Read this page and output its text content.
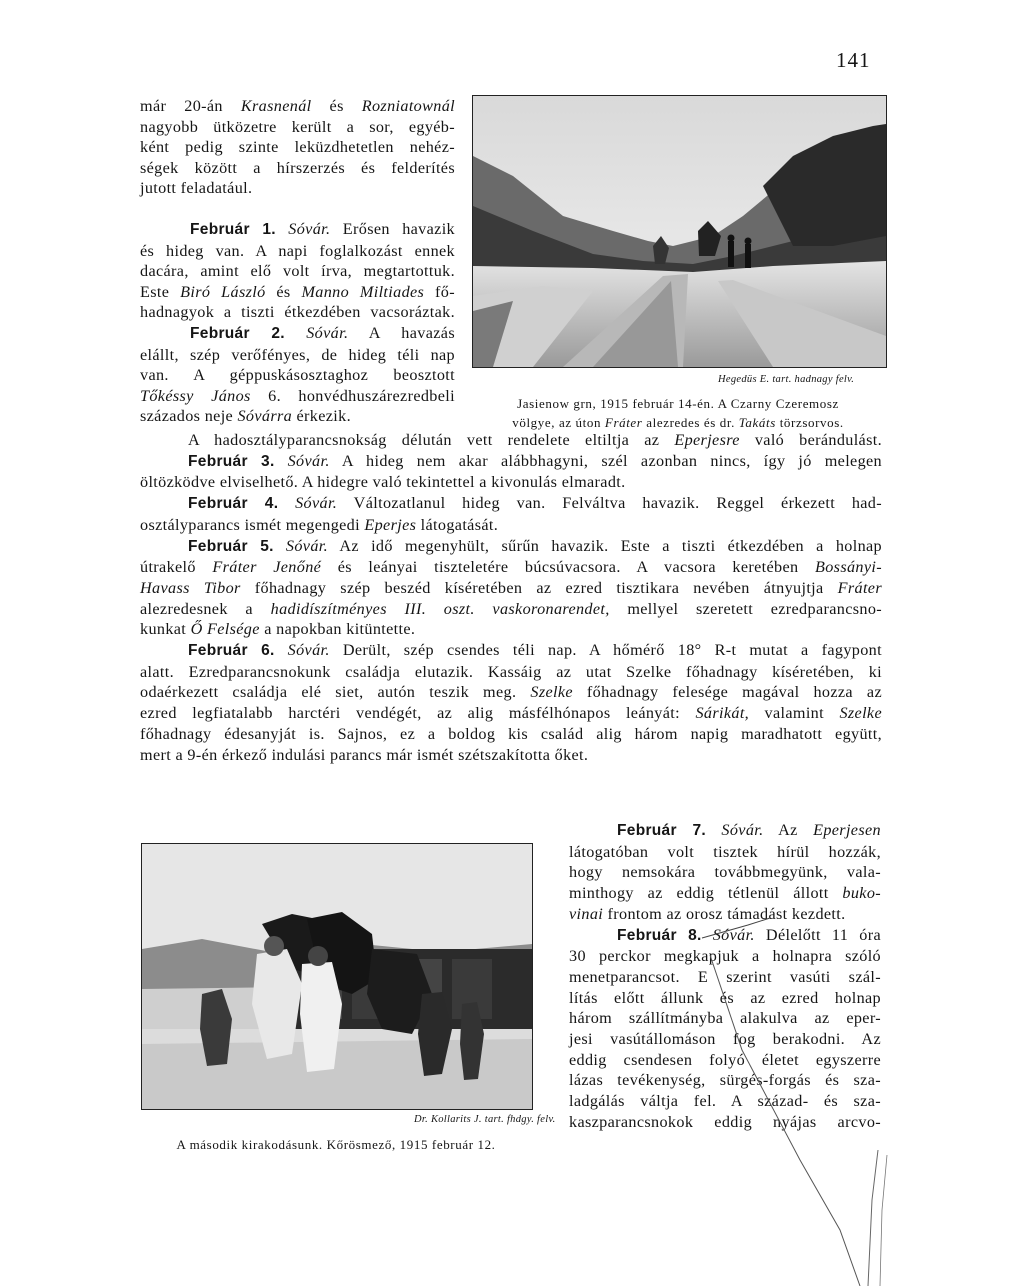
141

már 20-án Krasnenál és Rozniatownál

nagyobb ütközetre került a sor, egyéb-

ként pedig szinte leküzdhetetlen nehéz-

ségek között a hírszerzés és felderítés

jutott feladatául.

Február 1. Sóvár. Erősen havazik

és hideg van. A napi foglalkozást ennek

dacára, amint elő volt írva, megtartottuk.

Este Biró László és Manno Miltiades fő-

hadnagyok a tiszti étkezdében vacsoráztak.

Február 2. Sóvár. A havazás

elállt, szép verőfényes, de hideg téli nap

van. A géppuskásosztaghoz beosztott

Tőkéssy János 6. honvédhuszárezredbeli

százados neje Sóvárra érkezik.

Hegedüs E. tart. hadnagy felv.
Jasienow grn, 1915 február 14-én. A Czarny Czeremosz
völgye, az úton Fráter alezredes és dr. Takáts törzsorvos.

A hadosztályparancsnokság délután vett rendelete eltiltja az Eperjesre való berándulást.

Február 3. Sóvár. A hideg nem akar alábbhagyni, szél azonban nincs, így jó melegen

öltözködve elviselhető. A hidegre való tekintettel a kivonulás elmaradt.

Február 4. Sóvár. Változatlanul hideg van. Felváltva havazik. Reggel érkezett had-

osztályparancs ismét megengedi Eperjes látogatását.

Február 5. Sóvár. Az idő megenyhült, sűrűn havazik. Este a tiszti étkezdében a holnap

útrakelő Fráter Jenőné és leányai tiszteletére búcsúvacsora. A vacsora keretében Bossányi-

Havass Tibor főhadnagy szép beszéd kíséretében az ezred tisztikara nevében átnyujtja Fráter

alezredesnek a hadidíszítményes III. oszt. vaskoronarendet, mellyel szeretett ezredparancsno-

kunkat Ő Felsége a napokban kitüntette.

Február 6. Sóvár. Derült, szép csendes téli nap. A hőmérő 18° R-t mutat a fagypont

alatt. Ezredparancsnokunk családja elutazik. Kassáig az utat Szelke főhadnagy kíséretében, ki

odaérkezett családja elé siet, autón teszik meg. Szelke főhadnagy felesége magával hozza az

ezred legfiatalabb harctéri vendégét, az alig másfélhónapos leányát: Sárikát, valamint Szelke

főhadnagy édesanyját is. Sajnos, ez a boldog kis család alig három napig maradhatott együtt,

mert a 9-én érkező indulási parancs már ismét szétszakította őket.

Dr. Kollarits J. tart. fhdgy. felv.
A második kirakodásunk. Kőrösmező, 1915 február 12.

Február 7. Sóvár. Az Eperjesen

látogatóban volt tisztek hírül hozzák,

hogy nemsokára továbbmegyünk, vala-

minthogy az eddig tétlenül állott buko-

vinai frontom az orosz támadást kezdett.

Február 8. Sóvár. Délelőtt 11 óra

30 perckor megkapjuk a holnapra szóló

menetparancsot. E szerint vasúti szál-

lítás előtt állunk és az ezred holnap

három szállítmányba alakulva az eper-

jesi vasútállomáson fog berakodni. Az

eddig csendesen folyó életet egyszerre

lázas tevékenység, sürgés-forgás és sza-

ladgálás váltja fel. A század- és sza-

kaszparancsnokok eddig nyájas arcvo-
